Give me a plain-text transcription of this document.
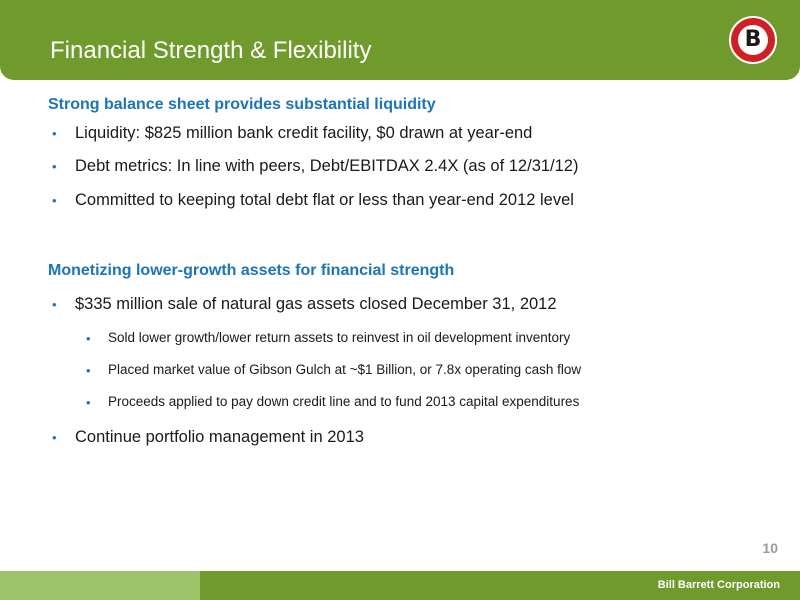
Financial Strength & Flexibility	B
Strong balance sheet provides substantial liquidity
• Liquidity: $825 million bank credit facility, $0 drawn at year-end
• Debt metrics: In line with peers, Debt/EBITDAX 2.4X (as of 12/31/12)
• Committed to keeping total debt flat or less than year-end 2012 level
Monetizing lower-growth assets for financial strength
• $335 million sale of natural gas assets closed December 31, 2012
• Sold lower growth/lower return assets to reinvest in oil development inventory
• Placed market value of Gibson Gulch at ~$1 Billion, or 7.8x operating cash flow
• Proceeds applied to pay down credit line and to fund 2013 capital expenditures
• Continue portfolio management in 2013
10
Bill Barrett Corporation
